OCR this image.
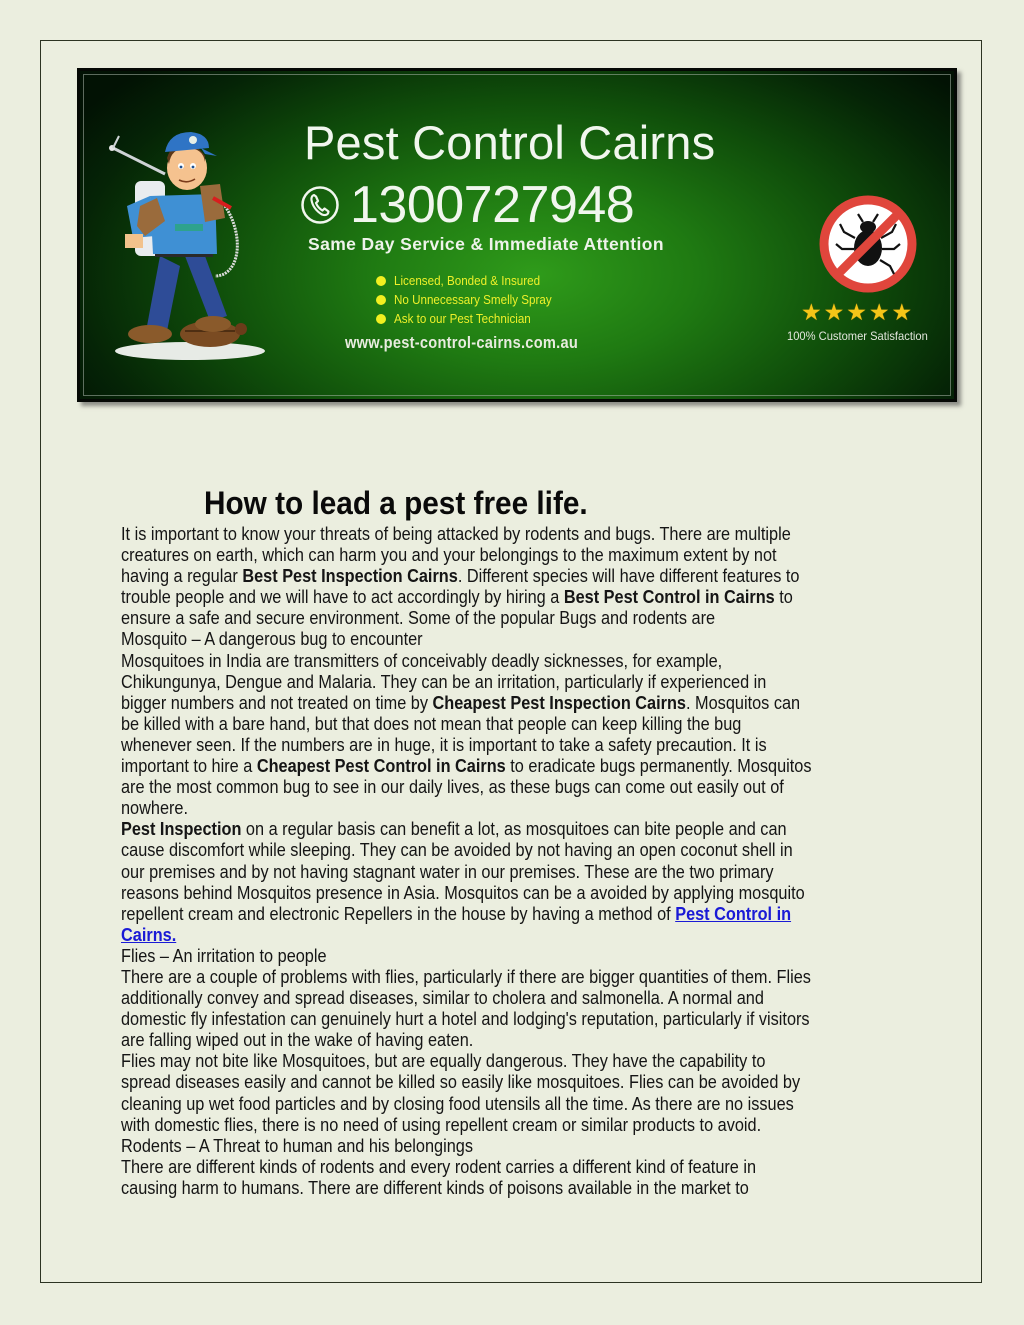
Pest Control Cairns
1300727948
Same Day Service & Immediate Attention
Licensed, Bonded & Insured
No Unnecessary Smelly Spray
Ask to our Pest Technician
www.pest-control-cairns.com.au
★★★★★
100% Customer Satisfaction
How to lead a pest free life.
It is important to know your threats of being attacked by rodents and bugs. There are multiple
creatures on earth, which can harm you and your belongings to the maximum extent by not
having a regular Best Pest Inspection Cairns. Different species will have different features to
trouble people and we will have to act accordingly by hiring a Best Pest Control in Cairns to
ensure a safe and secure environment. Some of the popular Bugs and rodents are
Mosquito – A dangerous bug to encounter
Mosquitoes in India are transmitters of conceivably deadly sicknesses, for example,
Chikungunya, Dengue and Malaria. They can be an irritation, particularly if experienced in
bigger numbers and not treated on time by Cheapest Pest Inspection Cairns. Mosquitos can
be killed with a bare hand, but that does not mean that people can keep killing the bug
whenever seen. If the numbers are in huge, it is important to take a safety precaution. It is
important to hire a Cheapest Pest Control in Cairns to eradicate bugs permanently. Mosquitos
are the most common bug to see in our daily lives, as these bugs can come out easily out of
nowhere.
Pest Inspection on a regular basis can benefit a lot, as mosquitoes can bite people and can
cause discomfort while sleeping. They can be avoided by not having an open coconut shell in
our premises and by not having stagnant water in our premises. These are the two primary
reasons behind Mosquitos presence in Asia. Mosquitos can be a avoided by applying mosquito
repellent cream and electronic Repellers in the house by having a method of Pest Control in
Cairns.
Flies – An irritation to people
There are a couple of problems with flies, particularly if there are bigger quantities of them. Flies
additionally convey and spread diseases, similar to cholera and salmonella. A normal and
domestic fly infestation can genuinely hurt a hotel and lodging's reputation, particularly if visitors
are falling wiped out in the wake of having eaten.
Flies may not bite like Mosquitoes, but are equally dangerous. They have the capability to
spread diseases easily and cannot be killed so easily like mosquitoes. Flies can be avoided by
cleaning up wet food particles and by closing food utensils all the time. As there are no issues
with domestic flies, there is no need of using repellent cream or similar products to avoid.
Rodents – A Threat to human and his belongings
There are different kinds of rodents and every rodent carries a different kind of feature in
causing harm to humans. There are different kinds of poisons available in the market to
